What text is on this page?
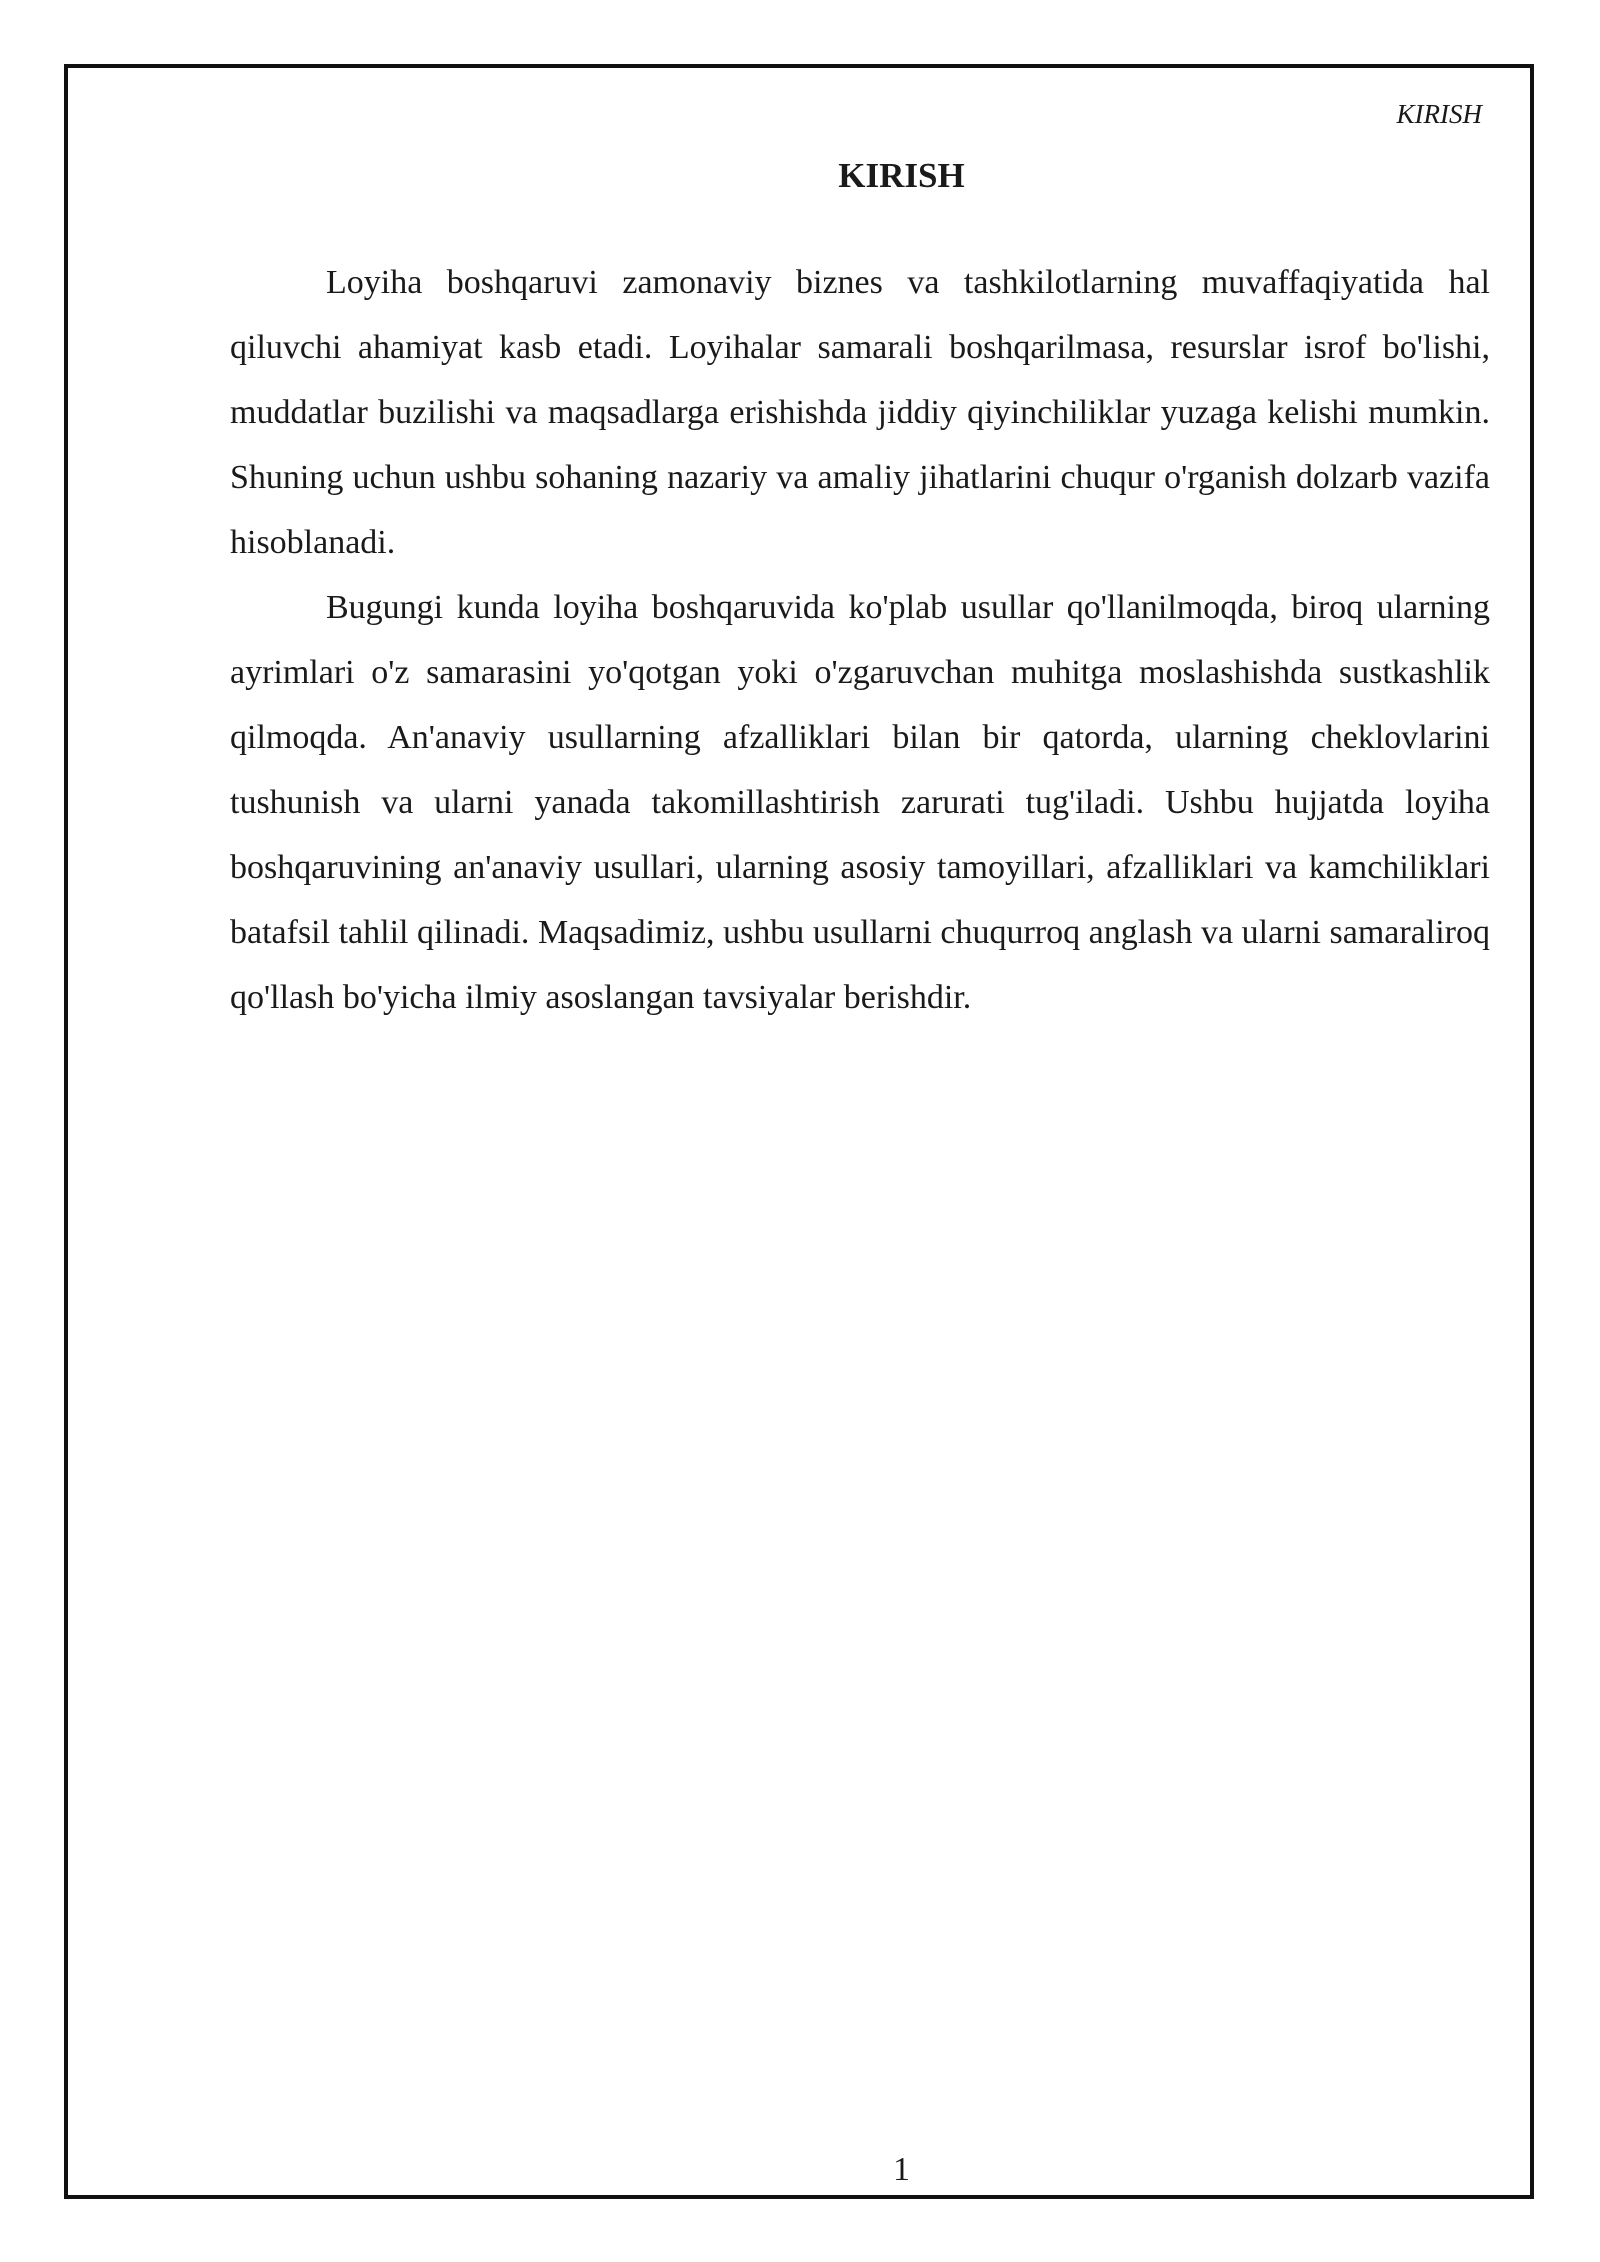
KIRISH
KIRISH

Loyiha boshqaruvi zamonaviy biznes va tashkilotlarning muvaffaqiyatida hal qiluvchi ahamiyat kasb etadi. Loyihalar samarali boshqarilmasa, resurslar isrof bo'lishi, muddatlar buzilishi va maqsadlarga erishishda jiddiy qiyinchiliklar yuzaga kelishi mumkin. Shuning uchun ushbu sohaning nazariy va amaliy jihatlarini chuqur o'rganish dolzarb vazifa hisoblanadi.

Bugungi kunda loyiha boshqaruvida ko'plab usullar qo'llanilmoqda, biroq ularning ayrimlari o'z samarasini yo'qotgan yoki o'zgaruvchan muhitga moslashishda sustkashlik qilmoqda. An'anaviy usullarning afzalliklari bilan bir qatorda, ularning cheklovlarini tushunish va ularni yanada takomillashtirish zarurati tug'iladi. Ushbu hujjatda loyiha boshqaruvining an'anaviy usullari, ularning asosiy tamoyillari, afzalliklari va kamchiliklari batafsil tahlil qilinadi. Maqsadimiz, ushbu usullarni chuqurroq anglash va ularni samaraliroq qo'llash bo'yicha ilmiy asoslangan tavsiyalar berishdir.

1
